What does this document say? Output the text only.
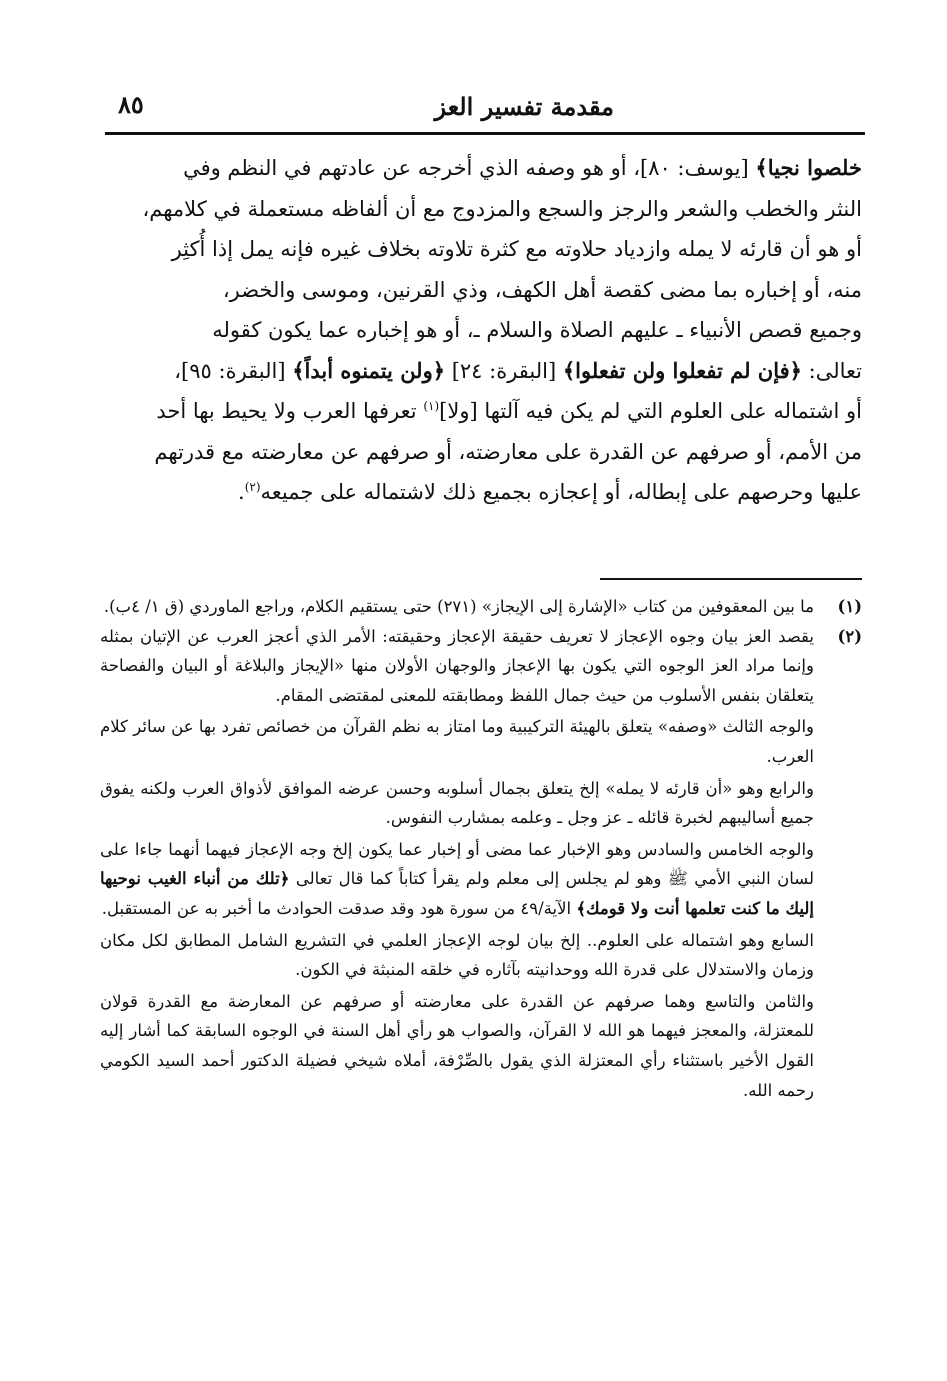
مقدمة تفسير العز
٨٥

خلصوا نجيا﴾ [يوسف: ٨٠]، أو هو وصفه الذي أخرجه عن عادتهم في النظم وفي

النثر والخطب والشعر والرجز والسجع والمزدوج مع أن ألفاظه مستعملة في كلامهم،

أو هو أن قارئه لا يمله وازدياد حلاوته مع كثرة تلاوته بخلاف غيره فإنه يمل إذا أُكثِر

منه، أو إخباره بما مضى كقصة أهل الكهف، وذي القرنين، وموسى والخضر،

وجميع قصص الأنبياء ـ عليهم الصلاة والسلام ـ، أو هو إخباره عما يكون كقوله

تعالى: ﴿فإن لم تفعلوا ولن تفعلوا﴾ [البقرة: ٢٤] ﴿ولن يتمنوه أبداً﴾ [البقرة: ٩٥]،

أو اشتماله على العلوم التي لم يكن فيه آلتها [ولا]$^{(١)}$ تعرفها العرب ولا يحيط بها أحد

من الأمم، أو صرفهم عن القدرة على معارضته، أو صرفهم عن معارضته مع قدرتهم

عليها وحرصهم على إبطاله، أو إعجازه بجميع ذلك لاشتماله على جميعه$^{(٢)}$.

(١)

ما بين المعقوفين من كتاب «الإشارة إلى الإيجاز» (٢٧١) حتى يستقيم الكلام، وراجع الماوردي (ق ١/ ٤ب).

(٢)

يقصد العز بيان وجوه الإعجاز لا تعريف حقيقة الإعجاز وحقيقته: الأمر الذي أعجز العرب عن الإتيان بمثله وإنما مراد العز الوجوه التي يكون بها الإعجاز والوجهان الأولان منها «الإيجاز والبلاغة أو البيان والفصاحة يتعلقان بنفس الأسلوب من حيث جمال اللفظ ومطابقته للمعنى لمقتضى المقام.

والوجه الثالث «وصفه» يتعلق بالهيئة التركيبية وما امتاز به نظم القرآن من خصائص تفرد بها عن سائر كلام العرب.

والرابع وهو «أن قارئه لا يمله» إلخ يتعلق بجمال أسلوبه وحسن عرضه الموافق لأذواق العرب ولكنه يفوق جميع أساليبهم لخبرة قائله ـ عز وجل ـ وعلمه بمشارب النفوس.

والوجه الخامس والسادس وهو الإخبار عما مضى أو إخبار عما يكون إلخ وجه الإعجاز فيهما أنهما جاءا على لسان النبي الأمي ﷺ وهو لم يجلس إلى معلم ولم يقرأ كتاباً كما قال تعالى ﴿تلك من أنباء الغيب نوحيها إليك ما كنت تعلمها أنت ولا قومك﴾ الآية/٤٩ من سورة هود وقد صدقت الحوادث ما أخبر به عن المستقبل.

السابع وهو اشتماله على العلوم.. إلخ بيان لوجه الإعجاز العلمي في التشريع الشامل المطابق لكل مكان وزمان والاستدلال على قدرة الله ووحدانيته بآثاره في خلقه المنبثة في الكون.

والثامن والتاسع وهما صرفهم عن القدرة على معارضته أو صرفهم عن المعارضة مع القدرة قولان للمعتزلة، والمعجز فيهما هو الله لا القرآن، والصواب هو رأي أهل السنة في الوجوه السابقة كما أشار إليه القول الأخير باستثناء رأي المعتزلة الذي يقول بالصِّرْفة، أملاه شيخي فضيلة الدكتور أحمد السيد الكومي رحمه الله.
